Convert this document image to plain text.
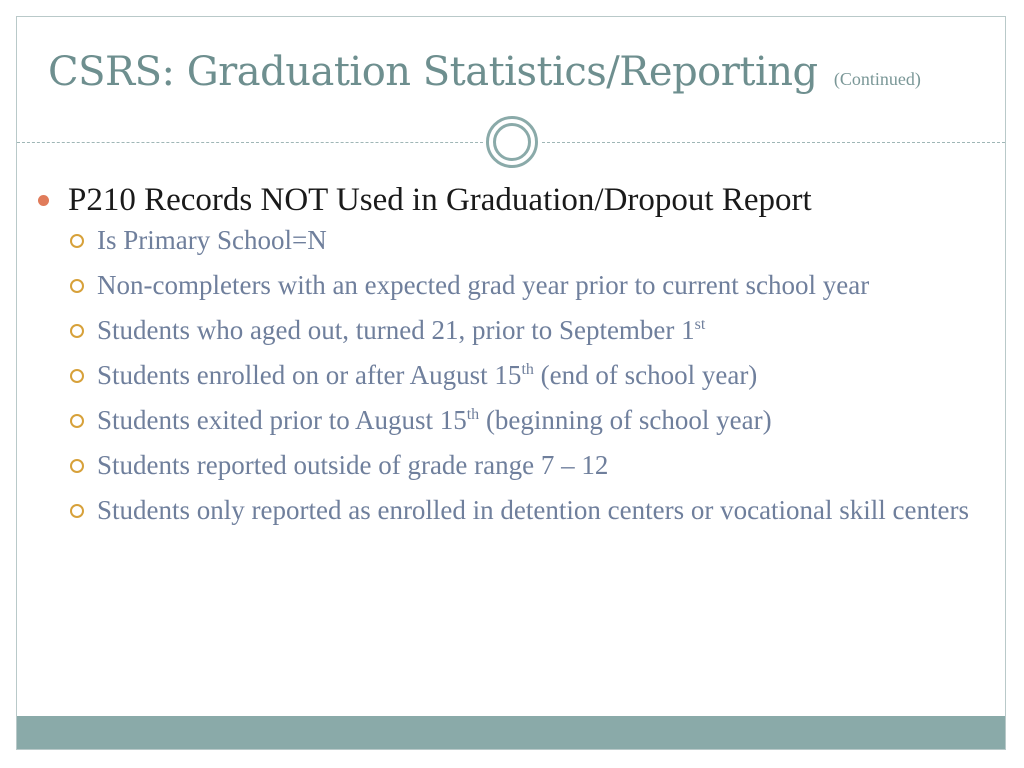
CSRS: Graduation Statistics/Reporting (Continued)
P210 Records NOT Used in Graduation/Dropout Report
Is Primary School=N
Non-completers with an expected grad year prior to current school year
Students who aged out, turned 21, prior to September 1st
Students enrolled on or after August 15th (end of school year)
Students exited prior to August 15th (beginning of school year)
Students reported outside of grade range 7 – 12
Students only reported as enrolled in detention centers or vocational skill centers
